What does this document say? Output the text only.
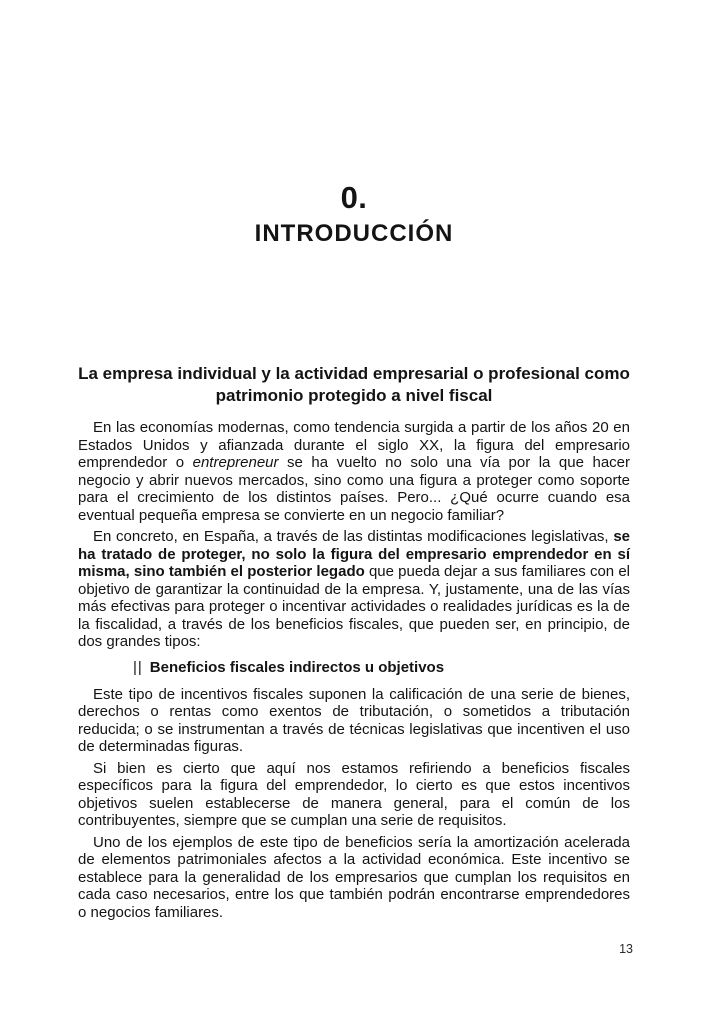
0.
INTRODUCCIÓN
La empresa individual y la actividad empresarial o profesional como patrimonio protegido a nivel fiscal

En las economías modernas, como tendencia surgida a partir de los años 20 en Estados Unidos y afianzada durante el siglo XX, la figura del empresario emprendedor o entrepreneur se ha vuelto no solo una vía por la que hacer negocio y abrir nuevos mercados, sino como una figura a proteger como soporte para el crecimiento de los distintos países. Pero... ¿Qué ocurre cuando esa eventual pequeña empresa se convierte en un negocio familiar?

En concreto, en España, a través de las distintas modificaciones legislativas, se ha tratado de proteger, no solo la figura del empresario emprendedor en sí misma, sino también el posterior legado que pueda dejar a sus familiares con el objetivo de garantizar la continuidad de la empresa. Y, justamente, una de las vías más efectivas para proteger o incentivar actividades o realidades jurídicas es la de la fiscalidad, a través de los beneficios fiscales, que pueden ser, en principio, de dos grandes tipos:

|| Beneficios fiscales indirectos u objetivos

Este tipo de incentivos fiscales suponen la calificación de una serie de bienes, derechos o rentas como exentos de tributación, o sometidos a tributación reducida; o se instrumentan a través de técnicas legislativas que incentiven el uso de determinadas figuras.

Si bien es cierto que aquí nos estamos refiriendo a beneficios fiscales específicos para la figura del emprendedor, lo cierto es que estos incentivos objetivos suelen establecerse de manera general, para el común de los contribuyentes, siempre que se cumplan una serie de requisitos.

Uno de los ejemplos de este tipo de beneficios sería la amortización acelerada de elementos patrimoniales afectos a la actividad económica. Este incentivo se establece para la generalidad de los empresarios que cumplan los requisitos en cada caso necesarios, entre los que también podrán encontrarse emprendedores o negocios familiares.

13
